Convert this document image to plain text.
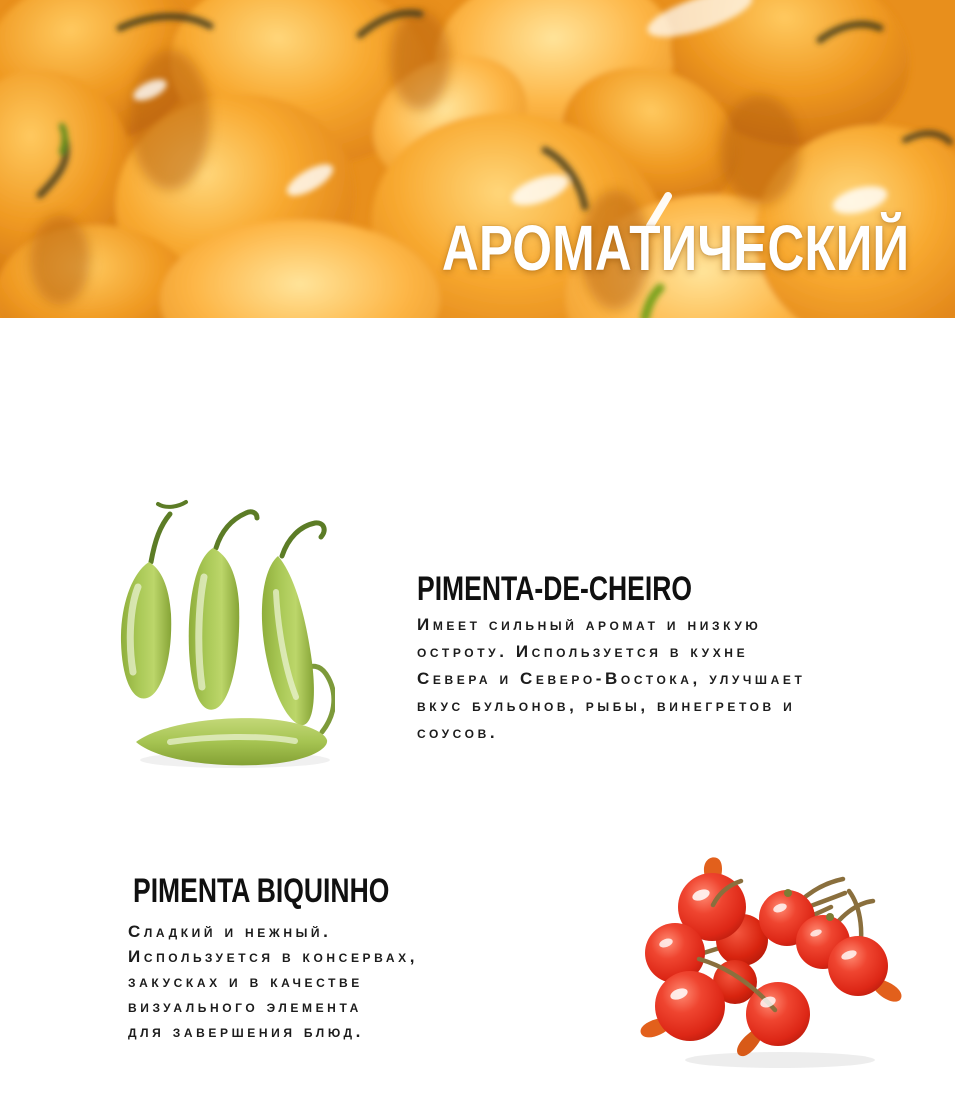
АРОМАТИЧЕСКИЙ
PIMENTA-DE-CHEIRO
Имеет сильный аромат и низкую
остроту. Используется в кухне
Севера и Северо-Востока, улучшает
вкус бульонов, рыбы, винегретов и
соусов.
PIMENTA BIQUINHO
Сладкий и нежный.
Используется в консервах,
закусках и в качестве
визуального элемента
для завершения блюд.
